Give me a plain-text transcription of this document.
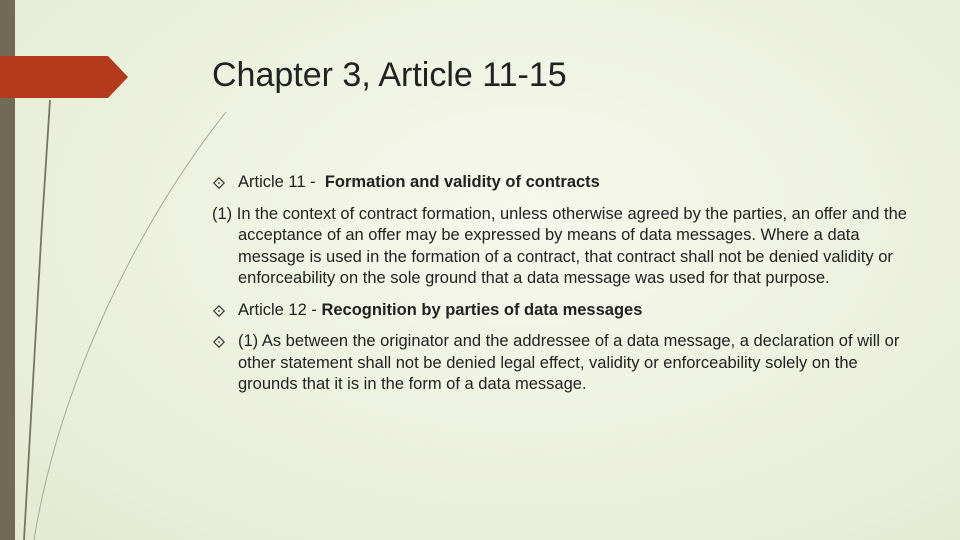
Chapter 3, Article 11-15

Article 11 -  Formation and validity of contracts

(1) In the context of contract formation, unless otherwise agreed by the parties, an offer and the acceptance of an offer may be expressed by means of data messages. Where a data message is used in the formation of a contract, that contract shall not be denied validity or enforceability on the sole ground that a data message was used for that purpose.

Article 12 - Recognition by parties of data messages

(1) As between the originator and the addressee of a data message, a declaration of will or other statement shall not be denied legal effect, validity or enforceability solely on the grounds that it is in the form of a data message.
